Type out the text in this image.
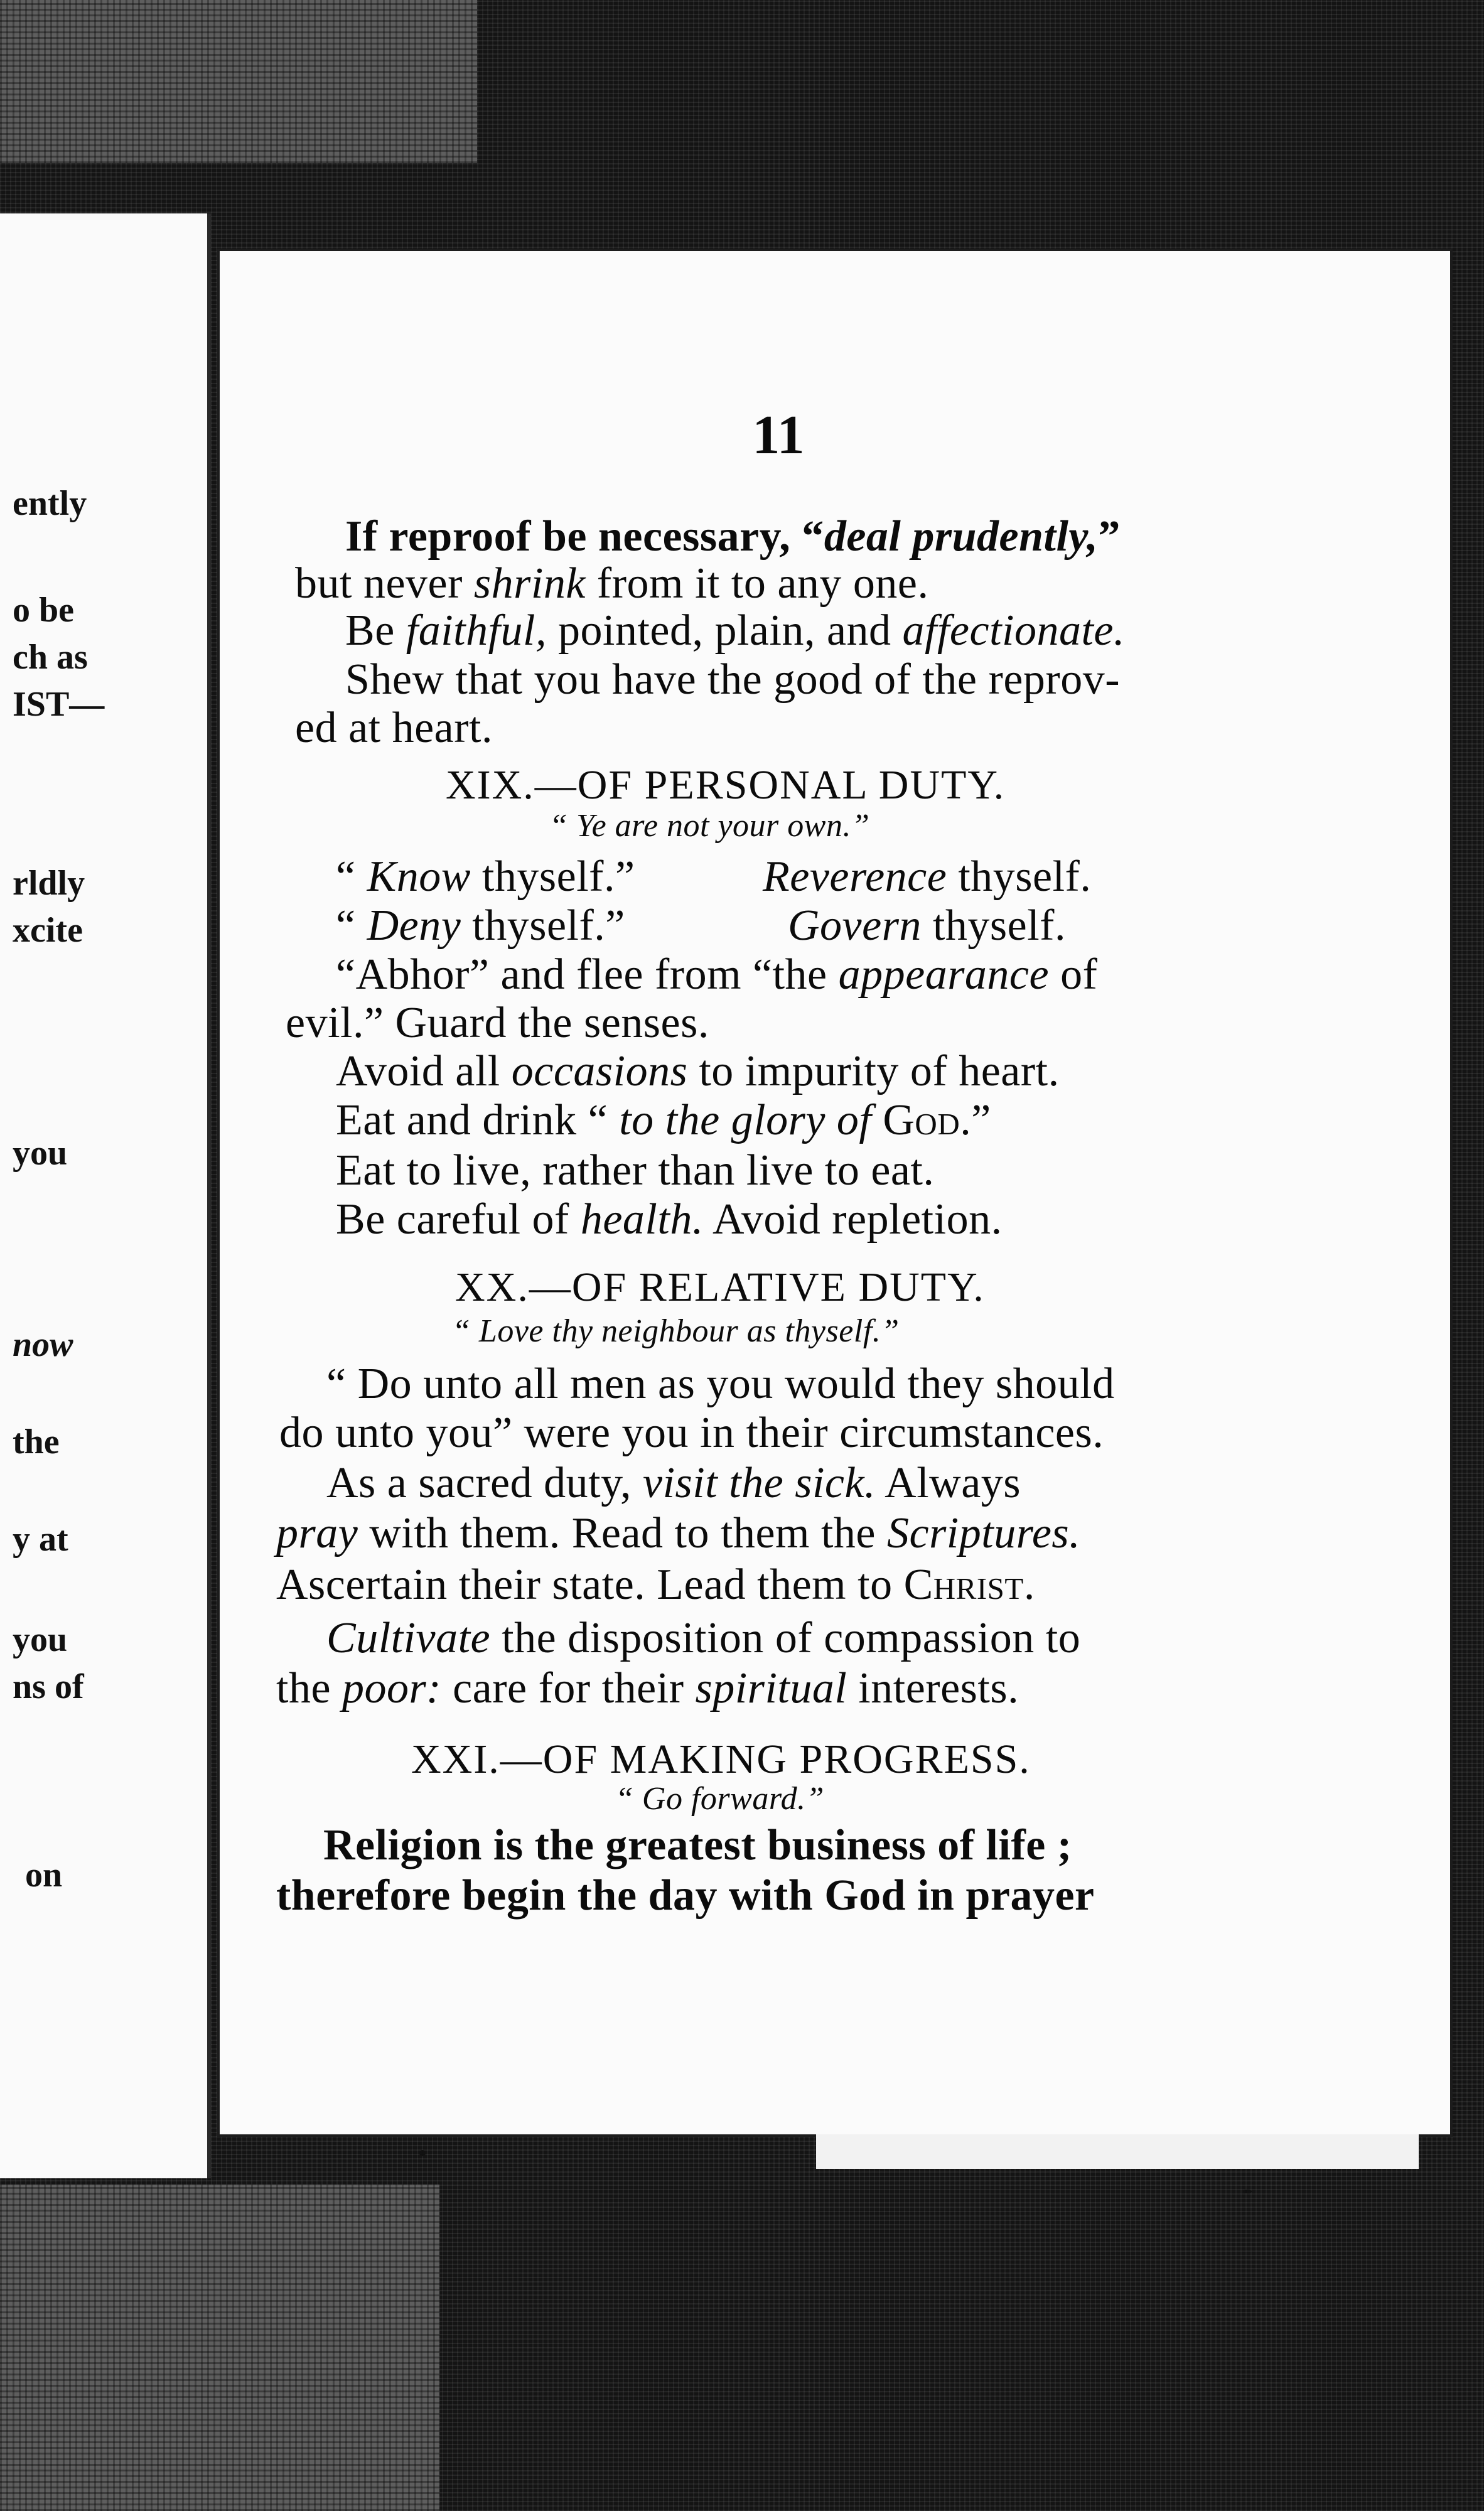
ently
o be
ch as
IST—
rldly
xcite
you
now
the
y at
you
ns of
on
11
If reproof be necessary, “deal prudently,”
but never shrink from it to any one.
Be faithful, pointed, plain, and affectionate.
Shew that you have the good of the reprov-
ed at heart.
XIX.—OF PERSONAL DUTY.
“ Ye are not your own.”
“ Know thyself.”	Reverence thyself.
“ Deny thyself.”	Govern thyself.
“Abhor” and flee from “the appearance of
evil.” Guard the senses.
Avoid all occasions to impurity of heart.
Eat and drink “ to the glory of God.”
Eat to live, rather than live to eat.
Be careful of health. Avoid repletion.
XX.—OF RELATIVE DUTY.
“ Love thy neighbour as thyself.”
“ Do unto all men as you would they should
do unto you” were you in their circumstances.
As a sacred duty, visit the sick. Always
pray with them. Read to them the Scriptures.
Ascertain their state. Lead them to Christ.
Cultivate the disposition of compassion to
the poor: care for their spiritual interests.
XXI.—OF MAKING PROGRESS.
“ Go forward.”
Religion is the greatest business of life ;
therefore begin the day with God in prayer
